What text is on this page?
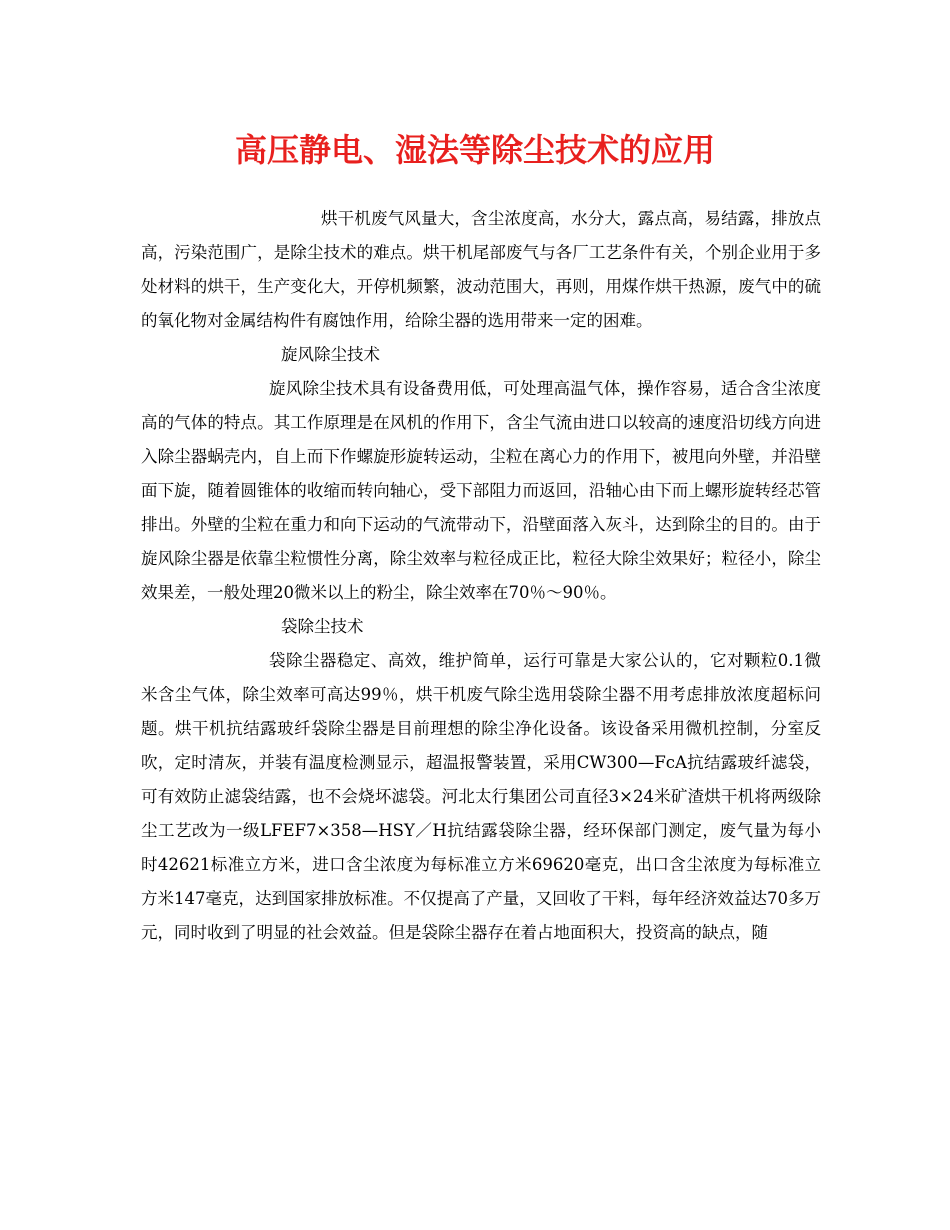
高压静电、湿法等除尘技术的应用

烘干机废气风量大，含尘浓度高，水分大，露点高，易结露，排放点高，污染范围广，是除尘技术的难点。烘干机尾部废气与各厂工艺条件有关，个别企业用于多处材料的烘干，生产变化大，开停机频繁，波动范围大，再则，用煤作烘干热源，废气中的硫的氧化物对金属结构件有腐蚀作用，给除尘器的选用带来一定的困难。

旋风除尘技术

旋风除尘技术具有设备费用低，可处理高温气体，操作容易，适合含尘浓度高的气体的特点。其工作原理是在风机的作用下，含尘气流由进口以较高的速度沿切线方向进入除尘器蜗壳内，自上而下作螺旋形旋转运动，尘粒在离心力的作用下，被甩向外壁，并沿壁面下旋，随着圆锥体的收缩而转向轴心，受下部阻力而返回，沿轴心由下而上螺形旋转经芯管排出。外壁的尘粒在重力和向下运动的气流带动下，沿壁面落入灰斗，达到除尘的目的。由于旋风除尘器是依靠尘粒惯性分离，除尘效率与粒径成正比，粒径大除尘效果好；粒径小，除尘效果差，一般处理20微米以上的粉尘，除尘效率在70％～90％。

袋除尘技术

袋除尘器稳定、高效，维护简单，运行可靠是大家公认的，它对颗粒0.1微米含尘气体，除尘效率可高达99％，烘干机废气除尘选用袋除尘器不用考虑排放浓度超标问题。烘干机抗结露玻纤袋除尘器是目前理想的除尘净化设备。该设备采用微机控制，分室反吹，定时清灰，并装有温度检测显示，超温报警装置，采用CW300—FcA抗结露玻纤滤袋，可有效防止滤袋结露，也不会烧坏滤袋。河北太行集团公司直径3×24米矿渣烘干机将两级除尘工艺改为一级LFEF7×358—HSY／H抗结露袋除尘器，经环保部门测定，废气量为每小时42621标准立方米，进口含尘浓度为每标准立方米69620毫克，出口含尘浓度为每标准立方米147毫克，达到国家排放标准。不仅提高了产量，又回收了干料，每年经济效益达70多万元，同时收到了明显的社会效益。但是袋除尘器存在着占地面积大，投资高的缺点，随
